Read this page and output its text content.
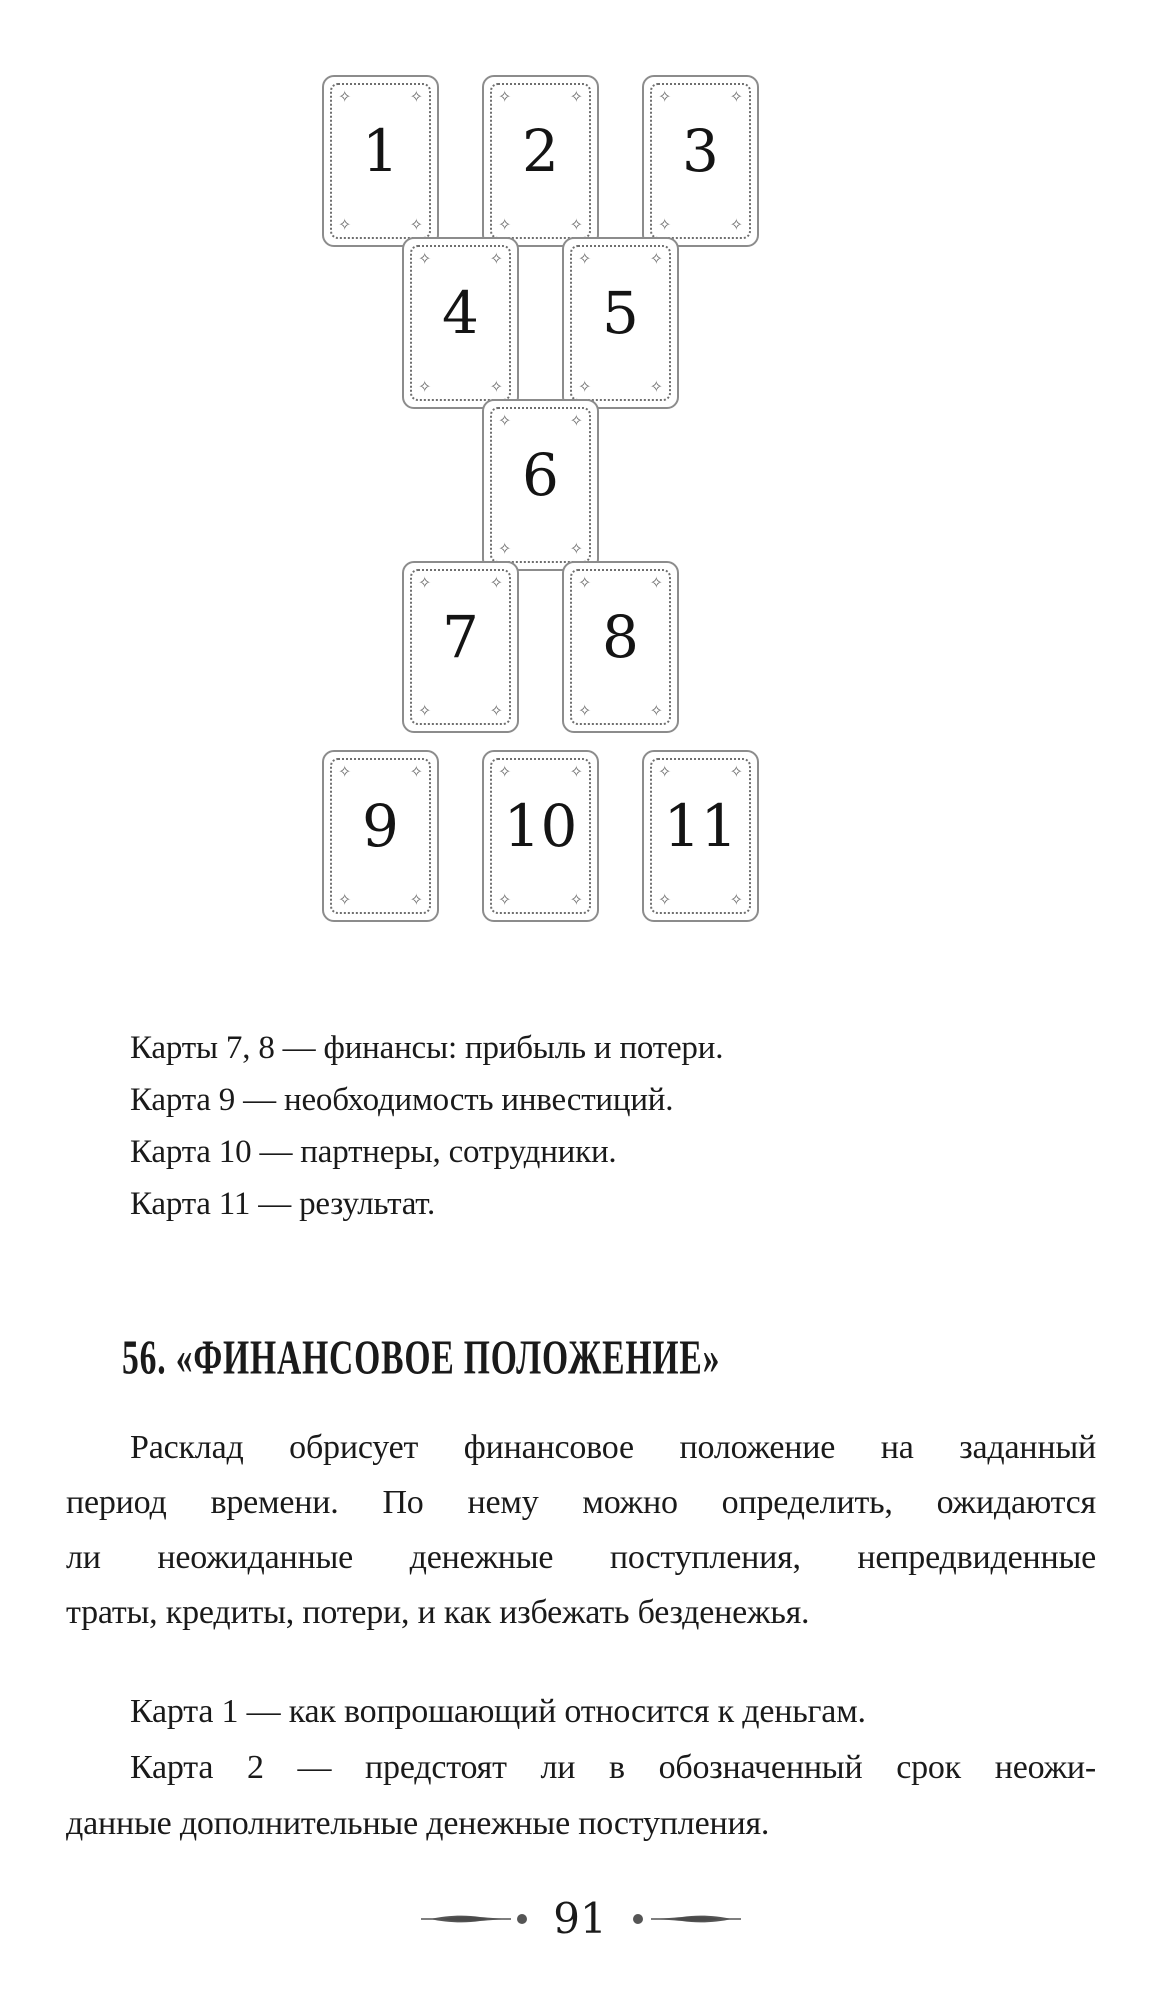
✧	✧
✧	✧
1
✧	✧
✧	✧
2
✧	✧
✧	✧
3
✧	✧
✧	✧
4
✧	✧
✧	✧
5
✧	✧
✧	✧
6
✧	✧
✧	✧
7
✧	✧
✧	✧
8
✧	✧
✧	✧
9
✧	✧
✧	✧
10
✧	✧
✧	✧
11
Карты 7, 8 — финансы: прибыль и потери.
Карта 9 — необходимость инвестиций.
Карта 10 — партнеры, сотрудники.
Карта 11 — результат.
56. «ФИНАНСОВОЕ ПОЛОЖЕНИЕ»
Расклад обрисует финансовое положение на заданный
период времени. По нему можно определить, ожидаются
ли неожиданные денежные поступления, непредвиденные
траты, кредиты, потери, и как избежать безденежья.
Карта 1 — как вопрошающий относится к деньгам.
Карта 2 — предстоят ли в обозначенный срок неожи-
данные дополнительные денежные поступления.
91
